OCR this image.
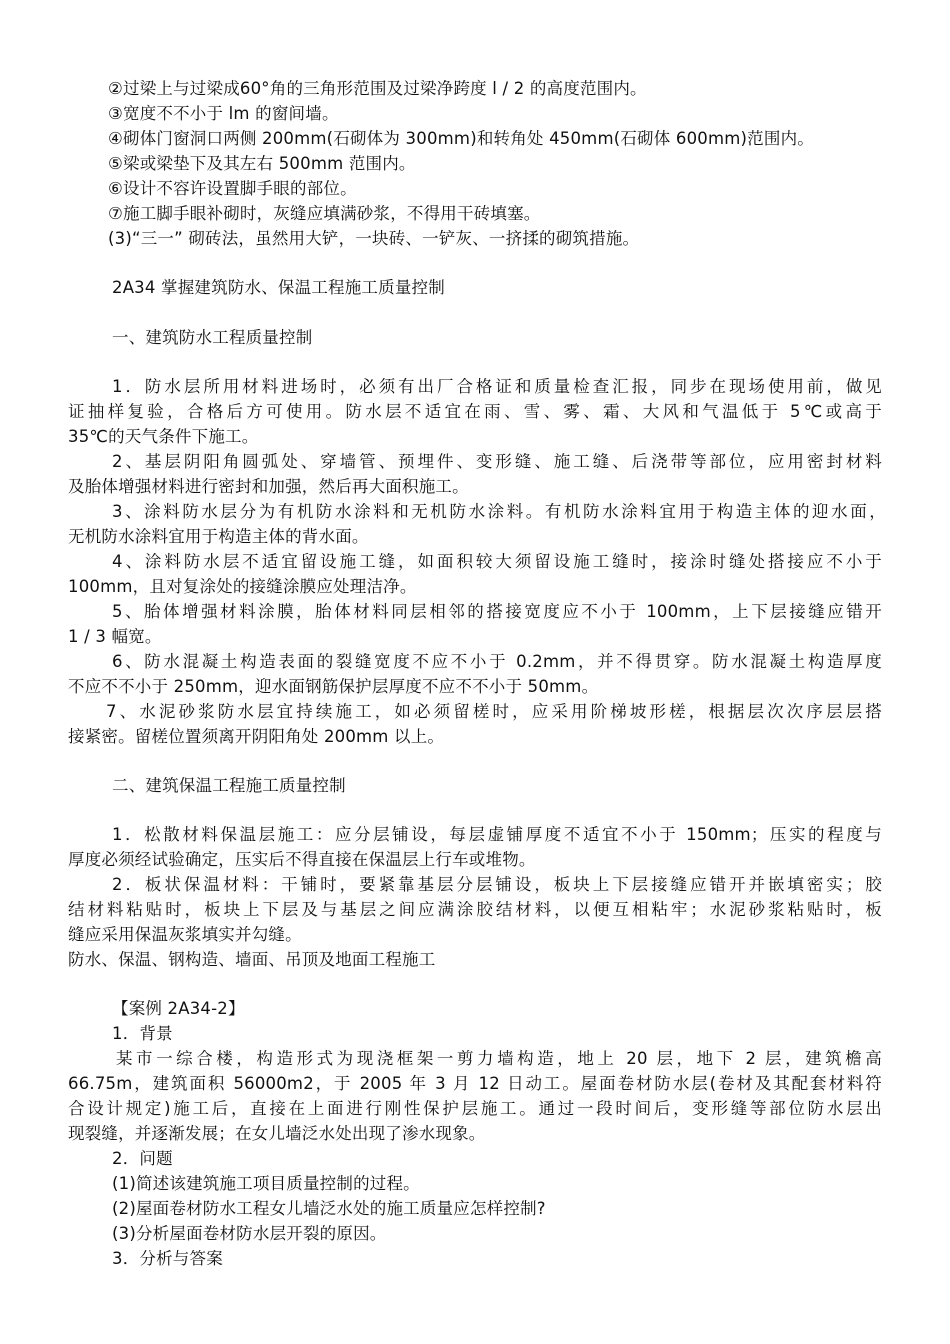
②过梁上与过梁成60°角的三角形范围及过梁净跨度 l / 2 的高度范围内。
③宽度不不小于 lm 的窗间墙。
④砌体门窗洞口两侧 200mm(石砌体为 300mm)和转角处 450mm(石砌体 600mm)范围内。
⑤梁或梁垫下及其左右 500mm 范围内。
⑥设计不容许设置脚手眼的部位。
⑦施工脚手眼补砌时，灰缝应填满砂浆，不得用干砖填塞。
(3)“三一” 砌砖法，虽然用大铲，一块砖、一铲灰、一挤揉的砌筑措施。
2A34 掌握建筑防水、保温工程施工质量控制
一、建筑防水工程质量控制
1．防水层所用材料进场时，必须有出厂合格证和质量检查汇报，同步在现场使用前，做见
证抽样复验，合格后方可使用。防水层不适宜在雨、雪、雾、霜、大风和气温低于 5℃或高于
35℃的天气条件下施工。
2、基层阴阳角圆弧处、穿墙管、预埋件、变形缝、施工缝、后浇带等部位，应用密封材料
及胎体增强材料进行密封和加强，然后再大面积施工。
3、涂料防水层分为有机防水涂料和无机防水涂料。有机防水涂料宜用于构造主体的迎水面，
无机防水涂料宜用于构造主体的背水面。
4、涂料防水层不适宜留设施工缝，如面积较大须留设施工缝时，接涂时缝处搭接应不小于
100mm，且对复涂处的接缝涂膜应处理洁净。
5、胎体增强材料涂膜，胎体材料同层相邻的搭接宽度应不小于 100mm，上下层接缝应错开
1 / 3 幅宽。
6、防水混凝土构造表面的裂缝宽度不应不小于 0.2mm，并不得贯穿。防水混凝土构造厚度
不应不不小于 250mm，迎水面钢筋保护层厚度不应不不小于 50mm。
7、水泥砂浆防水层宜持续施工，如必须留槎时，应采用阶梯坡形槎，根据层次次序层层搭
接紧密。留槎位置须离开阴阳角处 200mm 以上。
二、建筑保温工程施工质量控制
1．松散材料保温层施工：应分层铺设，每层虚铺厚度不适宜不小于 150mm；压实的程度与
厚度必须经试验确定，压实后不得直接在保温层上行车或堆物。
2．板状保温材料：干铺时，要紧靠基层分层铺设，板块上下层接缝应错开并嵌填密实；胶
结材料粘贴时，板块上下层及与基层之间应满涂胶结材料，以便互相粘牢；水泥砂浆粘贴时，板
缝应采用保温灰浆填实并勾缝。
防水、保温、钢构造、墙面、吊顶及地面工程施工
【案例 2A34-2】
1．背景
某市一综合楼，构造形式为现浇框架一剪力墙构造，地上 20 层，地下 2 层，建筑檐高
66.75m，建筑面积 56000m2，于 2005 年 3 月 12 日动工。屋面卷材防水层(卷材及其配套材料符
合设计规定)施工后，直接在上面进行刚性保护层施工。通过一段时间后，变形缝等部位防水层出
现裂缝，并逐渐发展；在女儿墙泛水处出现了渗水现象。
2．问题
(1)简述该建筑施工项目质量控制的过程。
(2)屋面卷材防水工程女儿墙泛水处的施工质量应怎样控制?
(3)分析屋面卷材防水层开裂的原因。
3．分析与答案
